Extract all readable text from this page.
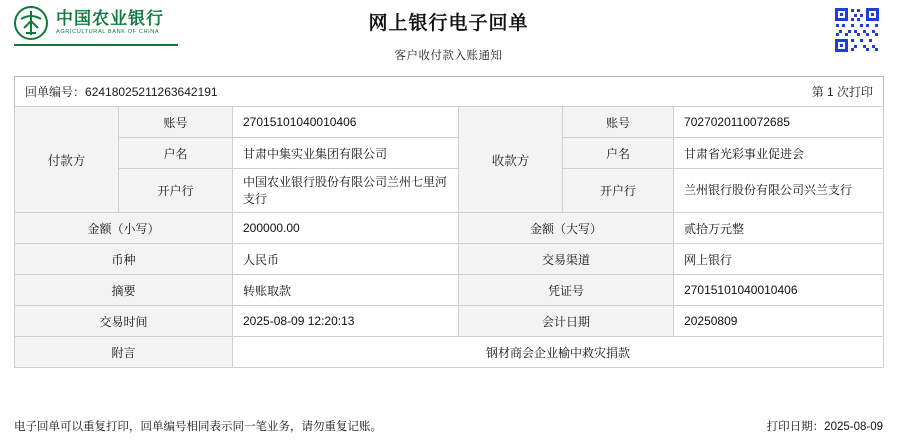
中国农业银行
AGRICULTURAL BANK OF CHINA	网上银行电子回单
客户收付款入账通知
回单编号：62418025211263642191				第 1 次打印	
付款方	账号	27015101040010406	收款方	账号	7027020110072685
	户名	甘肃中集实业集团有限公司		户名	甘肃省光彩事业促进会
	开户行	中国农业银行股份有限公司兰州七里河支行		开户行	兰州银行股份有限公司兴兰支行
金额（小写）		200000.00	金额（大写）		贰拾万元整
币种		人民币	交易渠道		网上银行
摘要		转账取款	凭证号		27015101040010406
交易时间		2025-08-09 12:20:13	会计日期		20250809
附言		钢材商会企业榆中救灾捐款			
电子回单可以重复打印，回单编号相同表示同一笔业务，请勿重复记账。	打印日期：2025-08-09
